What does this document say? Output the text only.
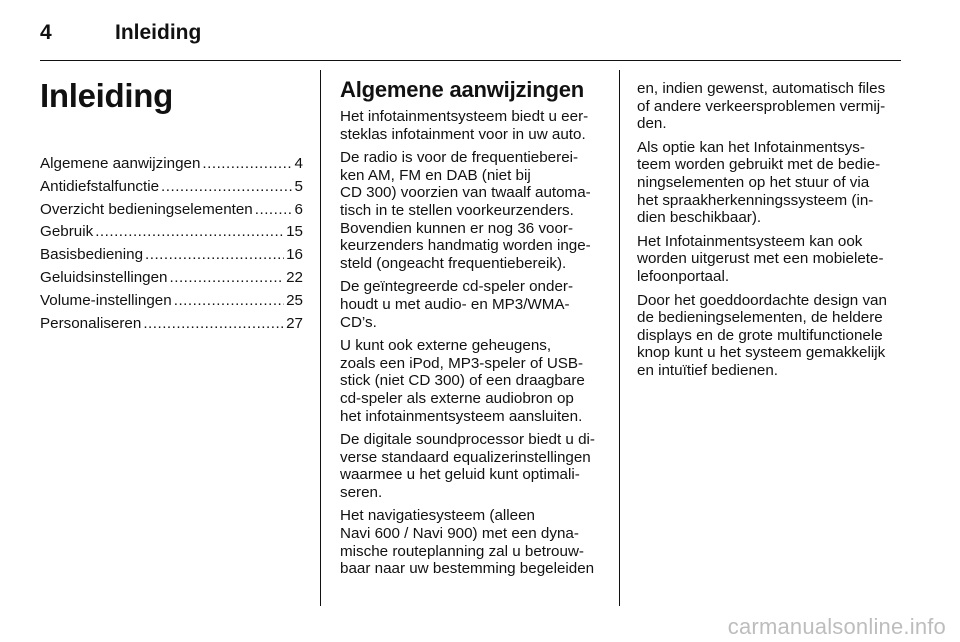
4	Inleiding
Inleiding
Algemene aanwijzingen .....	4
Antidiefstalfunctie .....	5
Overzicht bedieningselementen .....	6
Gebruik .....	15
Basisbediening .....	16
Geluidsinstellingen .....	22
Volume-instellingen .....	25
Personaliseren .....	27
Algemene aanwijzingen

Het infotainmentsysteem biedt u eer-
steklas infotainment voor in uw auto.

De radio is voor de frequentieberei-
ken AM, FM en DAB (niet bij
CD 300) voorzien van twaalf automa-
tisch in te stellen voorkeurzenders.
Bovendien kunnen er nog 36 voor-
keurzenders handmatig worden inge-
steld (ongeacht frequentiebereik).

De geïntegreerde cd-speler onder-
houdt u met audio- en MP3/WMA-
CD’s.

U kunt ook externe geheugens,
zoals een iPod, MP3-speler of USB-
stick (niet CD 300) of een draagbare
cd-speler als externe audiobron op
het infotainmentsysteem aansluiten.

De digitale soundprocessor biedt u di-
verse standaard equalizerinstellingen
waarmee u het geluid kunt optimali-
seren.

Het navigatiesysteem (alleen
Navi 600 / Navi 900) met een dyna-
mische routeplanning zal u betrouw-
baar naar uw bestemming begeleiden

en, indien gewenst, automatisch files
of andere verkeersproblemen vermij-
den.

Als optie kan het Infotainmentsys-
teem worden gebruikt met de bedie-
ningselementen op het stuur of via
het spraakherkenningssysteem (in-
dien beschikbaar).

Het Infotainmentsysteem kan ook
worden uitgerust met een mobielete-
lefoonportaal.

Door het goeddoordachte design van
de bedieningselementen, de heldere
displays en de grote multifunctionele
knop kunt u het systeem gemakkelijk
en intuïtief bedienen.

carmanualsonline.info
